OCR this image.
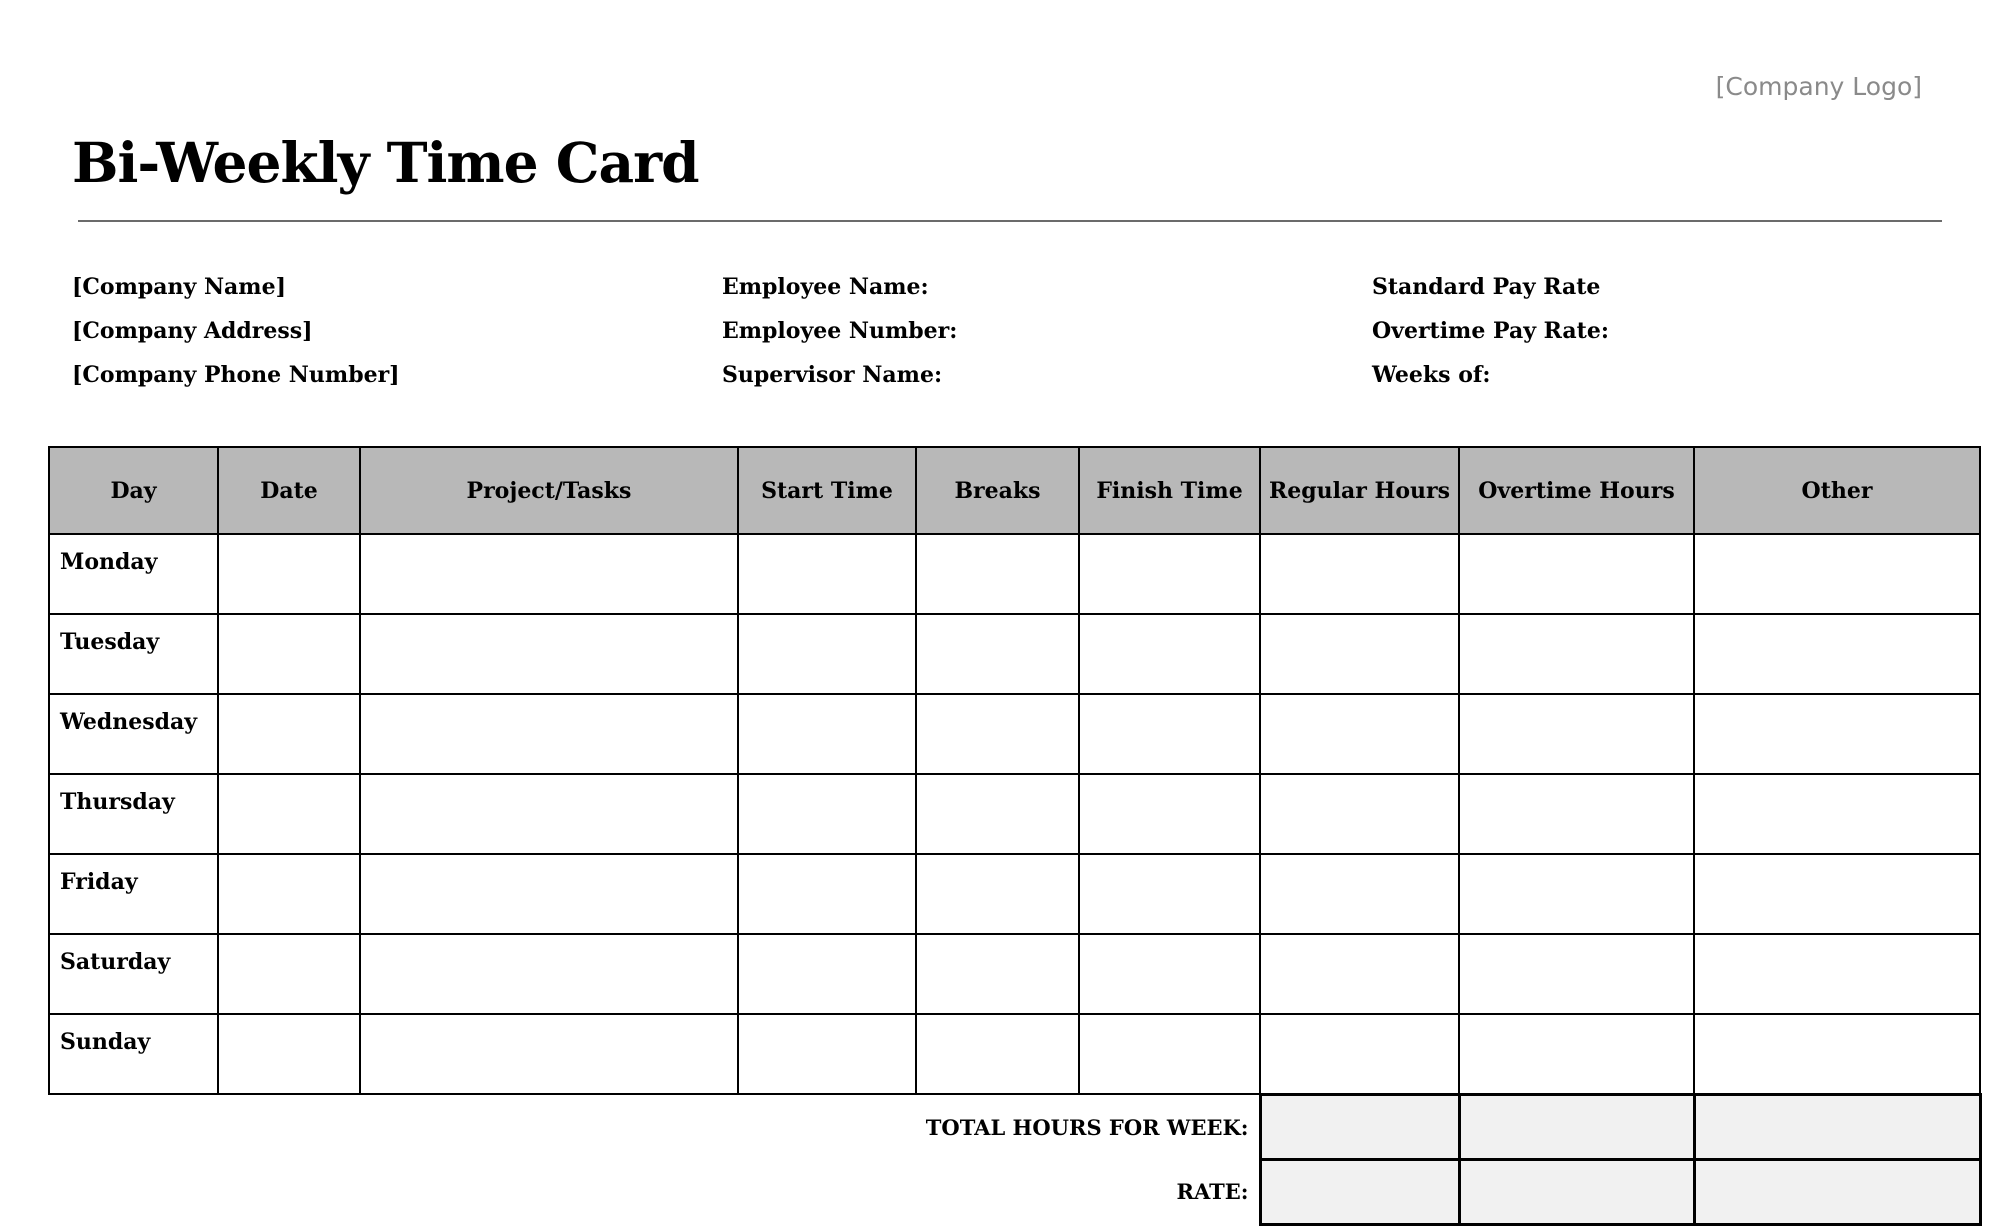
[Company Logo]
Bi-Weekly Time Card
[Company Name]
[Company Address]
[Company Phone Number]
Employee Name:
Employee Number:
Supervisor Name:
Standard Pay Rate
Overtime Pay Rate:
Weeks of:
Day	Date	Project/Tasks	Start Time	Breaks	Finish Time	Regular Hours	Overtime Hours	Other
Monday								
Tuesday								
Wednesday								
Thursday								
Friday								
Saturday								
Sunday								
TOTAL HOURS FOR WEEK:								
RATE:								
